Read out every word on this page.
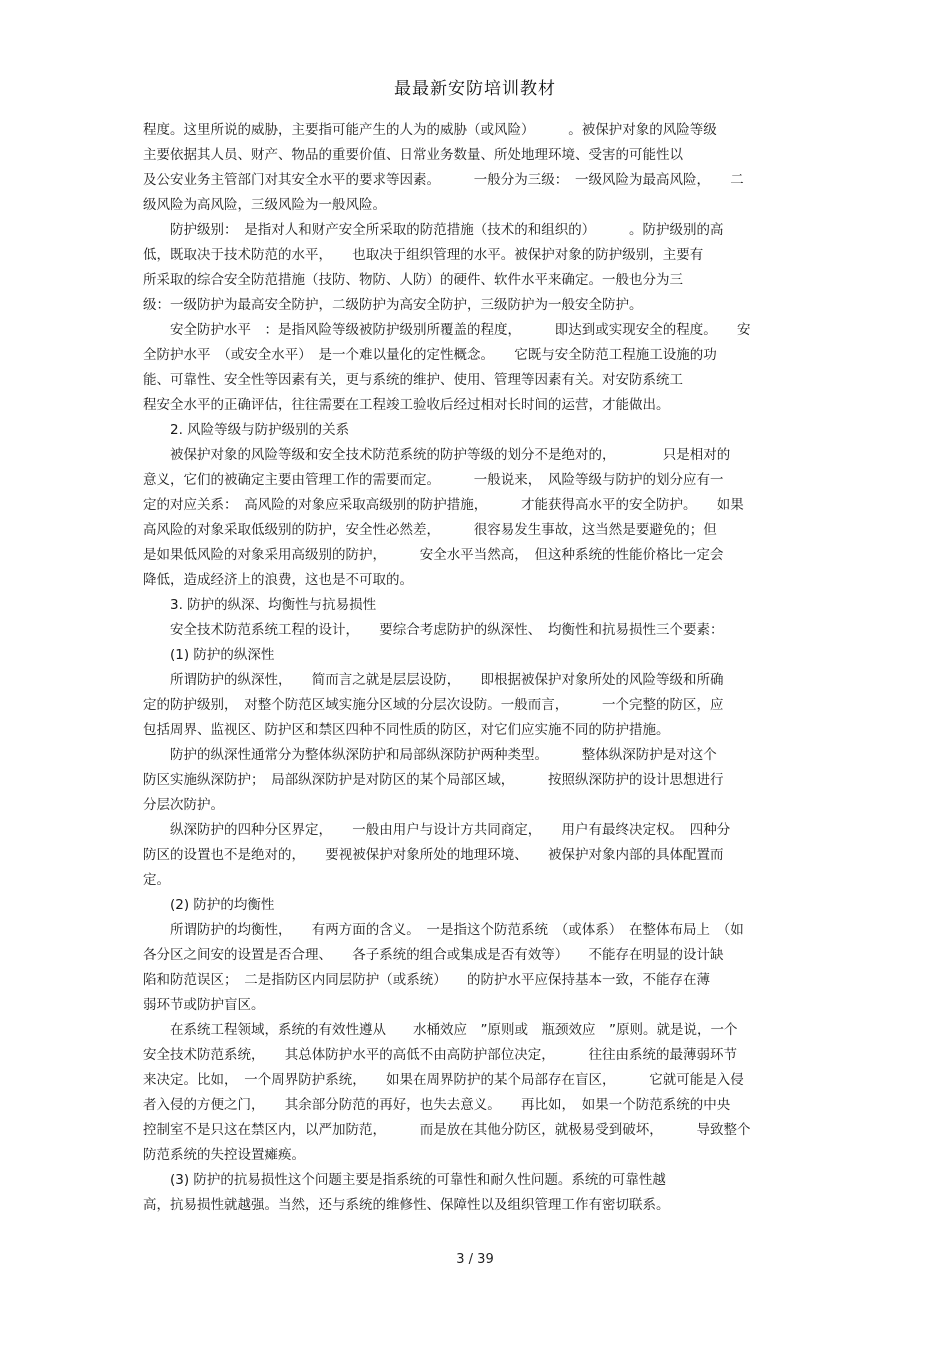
最最新安防培训教材
程度。这里所说的威胁，主要指可能产生的人为的威胁（或风险）　　　。被保护对象的风险等级
主要依据其人员、财产、物品的重要价值、日常业务数量、所处地理环境、受害的可能性以
及公安业务主管部门对其安全水平的要求等因素。　　　一般分为三级：　一级风险为最高风险，　　二
级风险为高风险，三级风险为一般风险。
　　防护级别：　是指对人和财产安全所采取的防范措施（技术的和组织的）　　　。防护级别的高
低，既取决于技术防范的水平，　　也取决于组织管理的水平。被保护对象的防护级别，主要有
所采取的综合安全防范措施（技防、物防、人防）的硬件、软件水平来确定。一般也分为三
级：一级防护为最高安全防护，二级防护为高安全防护，三级防护为一般安全防护。
　　安全防护水平　：是指风险等级被防护级别所覆盖的程度，　　　即达到或实现安全的程度。　　安
全防护水平　（或安全水平）　是一个难以量化的定性概念。　　它既与安全防范工程施工设施的功
能、可靠性、安全性等因素有关，更与系统的维护、使用、管理等因素有关。对安防系统工
程安全水平的正确评估，往往需要在工程竣工验收后经过相对长时间的运营，才能做出。
　　2. 风险等级与防护级别的关系
　　被保护对象的风险等级和安全技术防范系统的防护等级的划分不是绝对的，　　　　只是相对的
意义，它们的被确定主要由管理工作的需要而定。　　　一般说来，　风险等级与防护的划分应有一
定的对应关系：　高风险的对象应采取高级别的防护措施，　　　才能获得高水平的安全防护。　　如果
高风险的对象采取低级别的防护，安全性必然差，　　　很容易发生事故，这当然是要避免的；但
是如果低风险的对象采用高级别的防护，　　　安全水平当然高，　但这种系统的性能价格比一定会
降低，造成经济上的浪费，这也是不可取的。
　　3. 防护的纵深、均衡性与抗易损性
　　安全技术防范系统工程的设计，　　要综合考虑防护的纵深性、　均衡性和抗易损性三个要素：
　　(1) 防护的纵深性
　　所谓防护的纵深性，　　简而言之就是层层设防，　　即根据被保护对象所处的风险等级和所确
定的防护级别，　对整个防范区域实施分区域的分层次设防。一般而言，　　　一个完整的防区，应
包括周界、监视区、防护区和禁区四种不同性质的防区，对它们应实施不同的防护措施。
　　防护的纵深性通常分为整体纵深防护和局部纵深防护两种类型。　　　整体纵深防护是对这个
防区实施纵深防护；　局部纵深防护是对防区的某个局部区域，　　　按照纵深防护的设计思想进行
分层次防护。
　　纵深防护的四种分区界定，　　一般由用户与设计方共同商定，　　用户有最终决定权。　四种分
防区的设置也不是绝对的，　　要视被保护对象所处的地理环境、　　被保护对象内部的具体配置而
定。
　　(2) 防护的均衡性
　　所谓防护的均衡性，　　有两方面的含义。　一是指这个防范系统　（或体系）　在整体布局上　（如
各分区之间安的设置是否合理、　　各子系统的组合或集成是否有效等）　　不能存在明显的设计缺
陷和防范误区；　二是指防区内同层防护（或系统）　　的防护水平应保持基本一致，不能存在薄
弱环节或防护盲区。
　　在系统工程领域，系统的有效性遵从　　水桶效应　”原则或　瓶颈效应　”原则。就是说，一个
安全技术防范系统，　　其总体防护水平的高低不由高防护部位决定，　　　往往由系统的最薄弱环节
来决定。比如，　一个周界防护系统，　　如果在周界防护的某个局部存在盲区，　　　它就可能是入侵
者入侵的方便之门，　　其余部分防范的再好，也失去意义。　　再比如，　如果一个防范系统的中央
控制室不是只这在禁区内，以严加防范，　　　而是放在其他分防区，就极易受到破坏，　　　导致整个
防范系统的失控设置瘫痪。
　　(3) 防护的抗易损性这个问题主要是指系统的可靠性和耐久性问题。系统的可靠性越
高，抗易损性就越强。当然，还与系统的维修性、保障性以及组织管理工作有密切联系。
3 / 39
